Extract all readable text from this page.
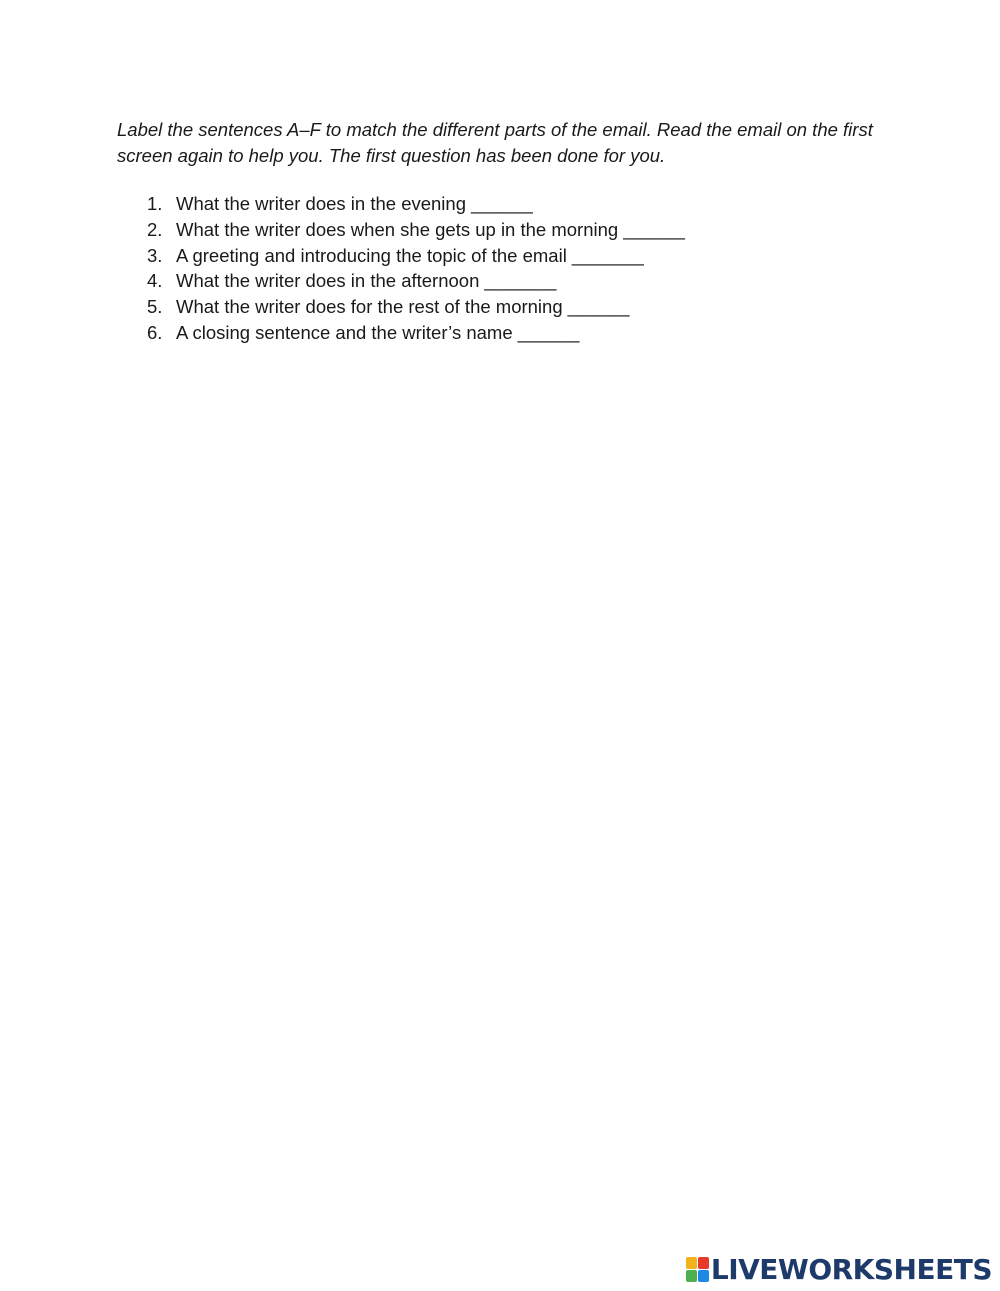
Label the sentences A–F to match the different parts of the email. Read the email on the first screen again to help you. The first question has been done for you.

1. What the writer does in the evening ______
2. What the writer does when she gets up in the morning ______
3. A greeting and introducing the topic of the email _______
4. What the writer does in the afternoon _______
5. What the writer does for the rest of the morning ______
6. A closing sentence and the writer’s name ______
LIVEWORKSHEETS
